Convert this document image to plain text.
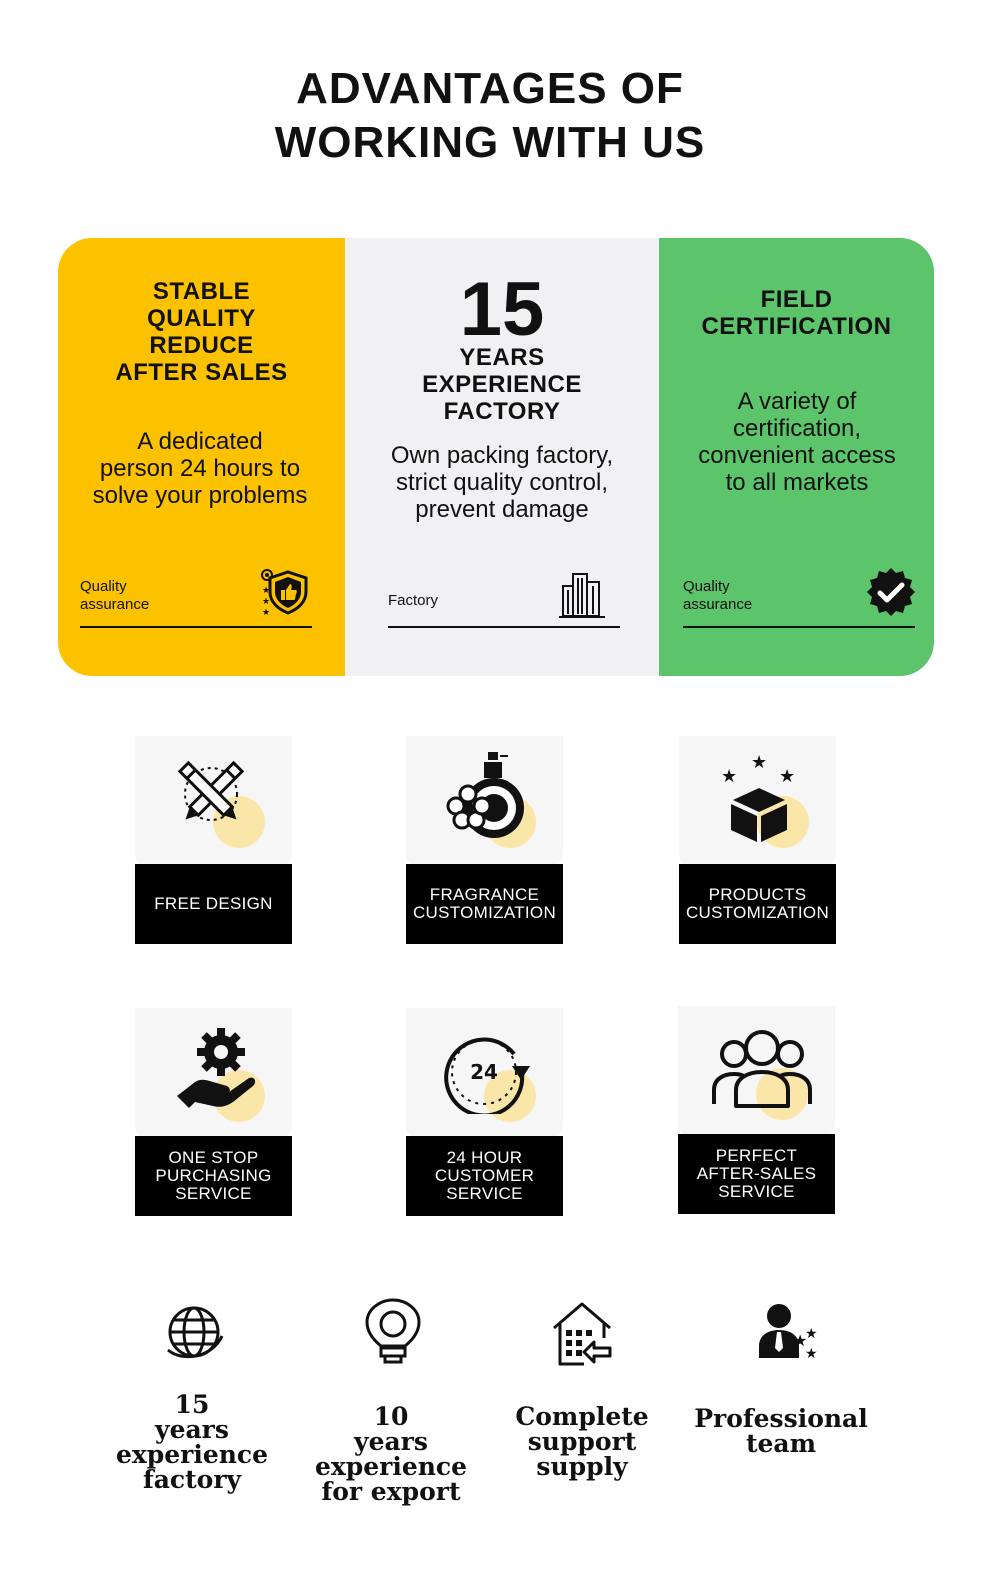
ADVANTAGES OF
WORKING WITH US
STABLE
QUALITY
REDUCE
AFTER SALES
A dedicated
person 24 hours to
solve your problems
Quality
assurance
★
★
★
15
YEARS
EXPERIENCE
FACTORY
Own packing factory,
strict quality control,
prevent damage
Factory
FIELD
CERTIFICATION
A variety of
certification,
convenient access
to all markets
Quality
assurance
FREE DESIGN	FRAGRANCE
CUSTOMIZATION
★
★ ★
PRODUCTS
CUSTOMIZATION
ONE STOP
PURCHASING
SERVICE
24
24 HOUR
CUSTOMER
SERVICE
PERFECT
AFTER-SALES
SERVICE
15
years
experience
factory
10
years
experience
for export
Complete
support
supply
★
★
★
Professional
team
